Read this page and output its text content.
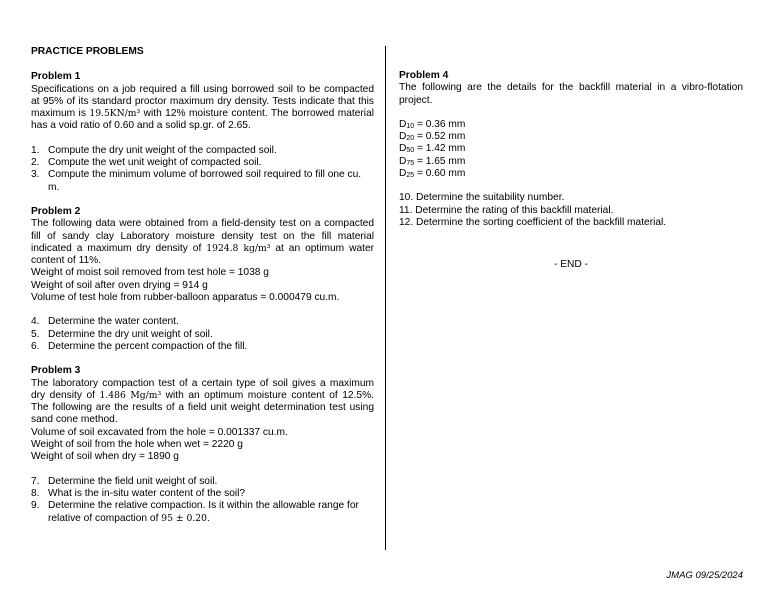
PRACTICE PROBLEMS
Problem 1
Specifications on a job required a fill using borrowed soil to be compacted at 95% of its standard proctor maximum dry density. Tests indicate that this maximum is 19.5KN/m³ with 12% moisture content. The borrowed material has a void ratio of 0.60 and a solid sp.gr. of 2.65.
1. Compute the dry unit weight of the compacted soil.
2. Compute the wet unit weight of compacted soil.
3. Compute the minimum volume of borrowed soil required to fill one cu. m.
Problem 2
The following data were obtained from a field-density test on a compacted fill of sandy clay Laboratory moisture density test on the fill material indicated a maximum dry density of 1924.8 kg/m³ at an optimum water content of 11%.
Weight of moist soil removed from test hole = 1038 g
Weight of soil after oven drying = 914 g
Volume of test hole from rubber-balloon apparatus = 0.000479 cu.m.
4. Determine the water content.
5. Determine the dry unit weight of soil.
6. Determine the percent compaction of the fill.
Problem 3
The laboratory compaction test of a certain type of soil gives a maximum dry density of 1.486 Mg/m³ with an optimum moisture content of 12.5%. The following are the results of a field unit weight determination test using sand cone method.
Volume of soil excavated from the hole = 0.001337 cu.m.
Weight of soil from the hole when wet = 2220 g
Weight of soil when dry = 1890 g
7. Determine the field unit weight of soil.
8. What is the in-situ water content of the soil?
9. Determine the relative compaction. Is it within the allowable range for relative of compaction of 95 ± 0.20.
Problem 4
The following are the details for the backfill material in a vibro-flotation project.
$D_{10} = 0.36$ mm
$D_{20} = 0.52$ mm
$D_{50} = 1.42$ mm
$D_{75} = 1.65$ mm
$D_{25} = 0.60$ mm
10. Determine the suitability number.
11. Determine the rating of this backfill material.
12. Determine the sorting coefficient of the backfill material.
- END -
JMAG 09/25/2024
